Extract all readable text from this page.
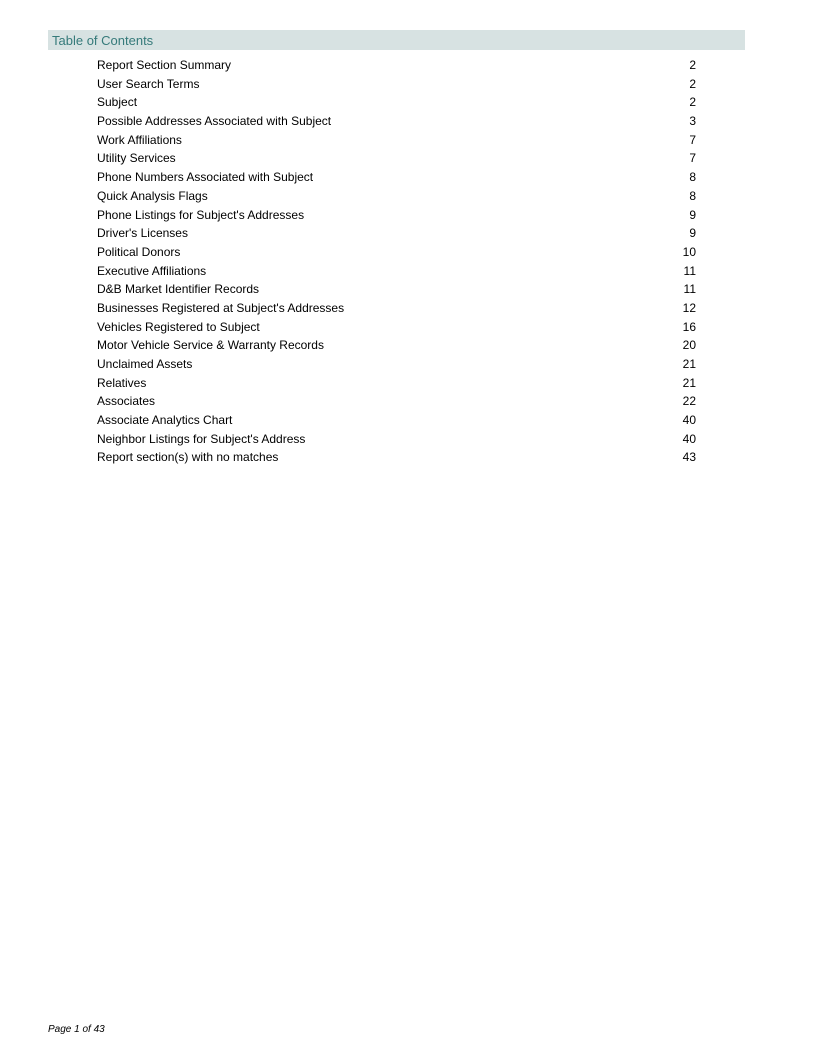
Table of Contents
Report Section Summary	2
User Search Terms	2
Subject	2
Possible Addresses Associated with Subject	3
Work Affiliations	7
Utility Services	7
Phone Numbers Associated with Subject	8
Quick Analysis Flags	8
Phone Listings for Subject's Addresses	9
Driver's Licenses	9
Political Donors	10
Executive Affiliations	11
D&B Market Identifier Records	11
Businesses Registered at Subject's Addresses	12
Vehicles Registered to Subject	16
Motor Vehicle Service & Warranty Records	20
Unclaimed Assets	21
Relatives	21
Associates	22
Associate Analytics Chart	40
Neighbor Listings for Subject's Address	40
Report section(s) with no matches	43
Page 1 of 43
